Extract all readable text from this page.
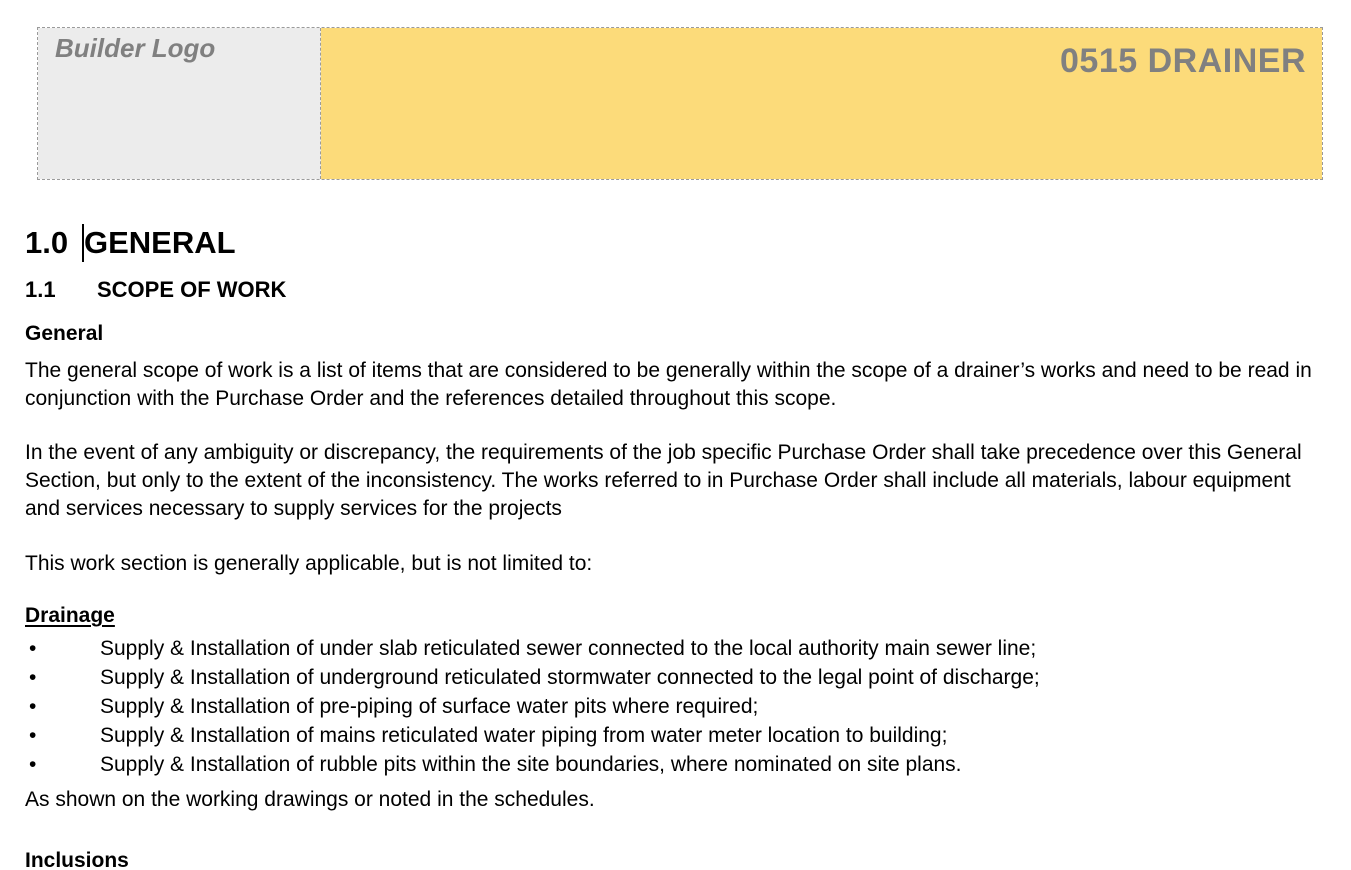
Builder Logo	0515 DRAINER
1.0 GENERAL
1.1	SCOPE OF WORK
General

The general scope of work is a list of items that are considered to be generally within the scope of a drainer’s works and need to be read in conjunction with the Purchase Order and the references detailed throughout this scope.

In the event of any ambiguity or discrepancy, the requirements of the job specific Purchase Order shall take precedence over this General Section, but only to the extent of the inconsistency. The works referred to in Purchase Order shall include all materials, labour equipment and services necessary to supply services for the projects

This work section is generally applicable, but is not limited to:

Drainage
•	Supply & Installation of under slab reticulated sewer connected to the local authority main sewer line;
•	Supply & Installation of underground reticulated stormwater connected to the legal point of discharge;
•	Supply & Installation of pre-piping of surface water pits where required;
•	Supply & Installation of mains reticulated water piping from water meter location to building;
•	Supply & Installation of rubble pits within the site boundaries, where nominated on site plans.

As shown on the working drawings or noted in the schedules.

Inclusions
